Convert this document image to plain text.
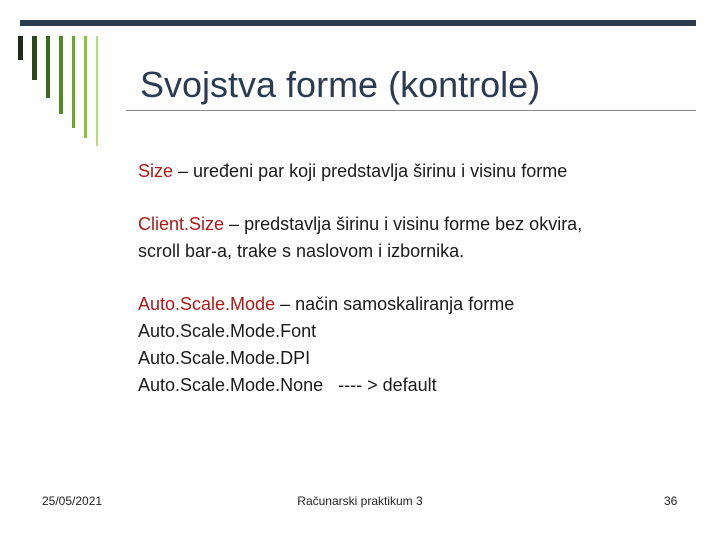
Svojstva forme (kontrole)

Size – uređeni par koji predstavlja širinu i visinu forme

Client.Size – predstavlja širinu i visinu forme bez okvira,
scroll bar-a, trake s naslovom i izbornika.

Auto.Scale.Mode – način samoskaliranja forme
Auto.Scale.Mode.Font
Auto.Scale.Mode.DPI
Auto.Scale.Mode.None   ---- > default

25/05/2021	Računarski praktikum 3	36
